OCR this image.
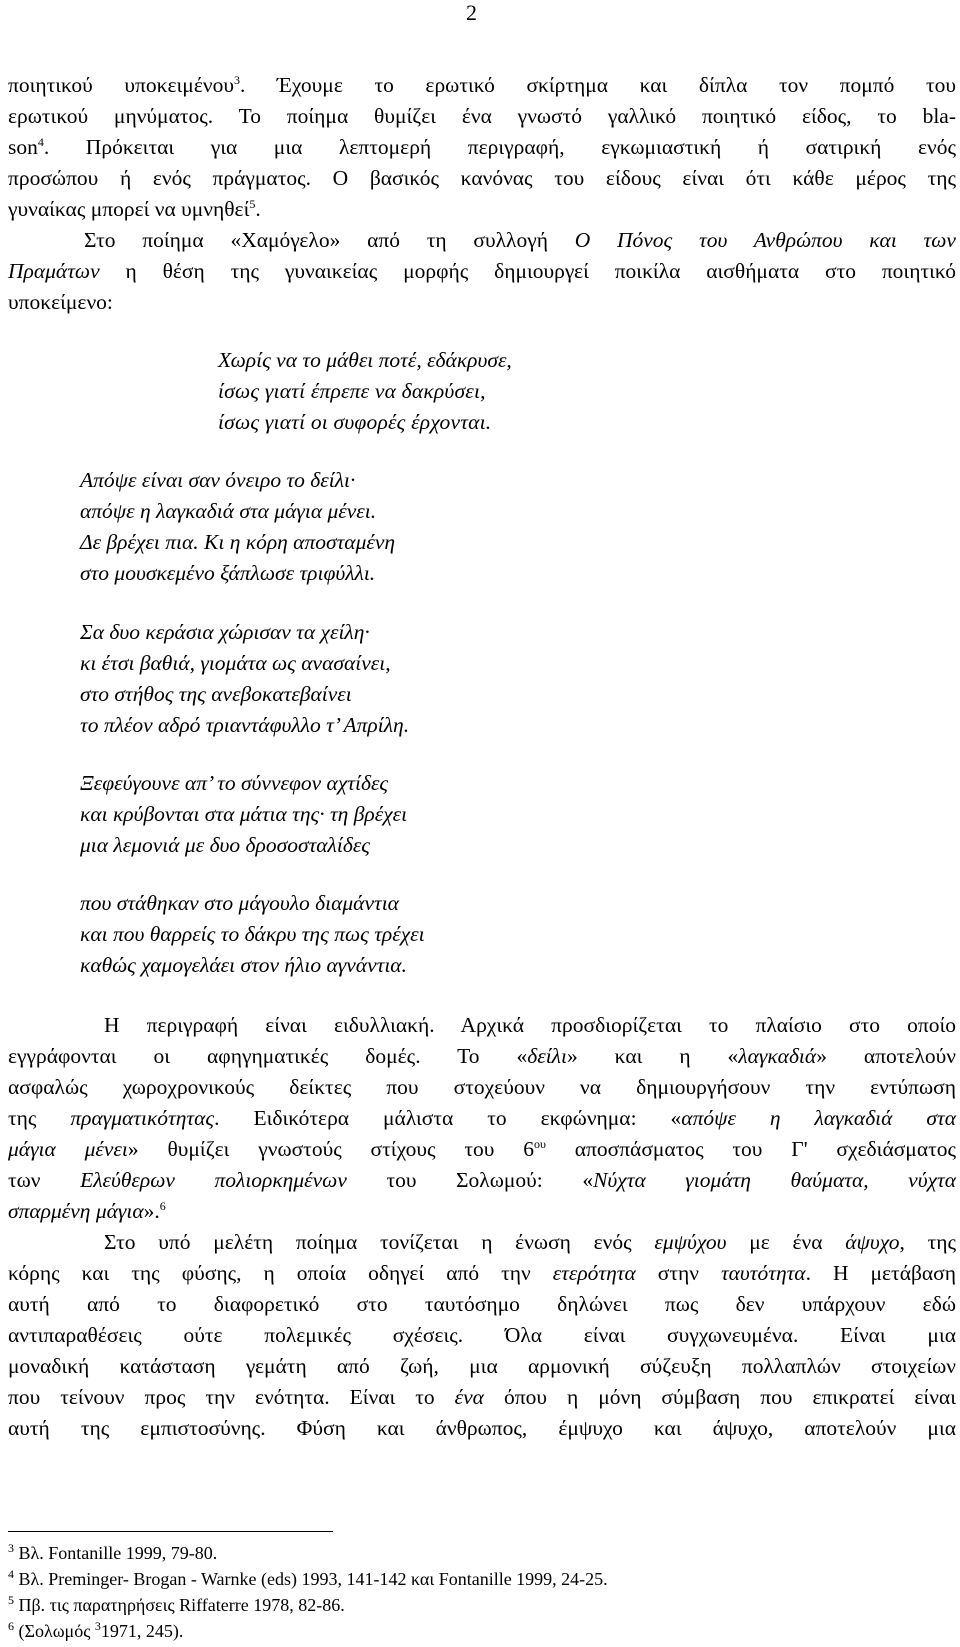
2

ποιητικού υποκειμένου$^3$. Έχουμε το ερωτικό σκίρτημα και δίπλα τον πομπό του

ερωτικού μηνύματος. Το ποίημα θυμίζει ένα γνωστό γαλλικό ποιητικό είδος, το bla-

son$^4$. Πρόκειται για μια λεπτομερή περιγραφή, εγκωμιαστική ή σατιρική ενός

προσώπου ή ενός πράγματος. Ο βασικός κανόνας του είδους είναι ότι κάθε μέρος της

γυναίκας μπορεί να υμνηθεί$^5$.

Στο ποίημα «Χαμόγελο» από τη συλλογή Ο Πόνος του Ανθρώπου και των

Πραμάτων η θέση της γυναικείας μορφής δημιουργεί ποικίλα αισθήματα στο ποιητικό

υποκείμενο:

Χωρίς να το μάθει ποτέ, εδάκρυσε,
ίσως γιατί έπρεπε να δακρύσει,
ίσως γιατί οι συφορές έρχονται.
Απόψε είναι σαν όνειρο το δείλι·
απόψε η λαγκαδιά στα μάγια μένει.
Δε βρέχει πια. Κι η κόρη αποσταμένη
στο μουσκεμένο ξάπλωσε τριφύλλι.
Σα δυο κεράσια χώρισαν τα χείλη·
κι έτσι βαθιά, γιομάτα ως ανασαίνει,
στο στήθος της ανεβοκατεβαίνει
το πλέον αδρό τριαντάφυλλο τ’ Απρίλη.
Ξεφεύγουνε απ’ το σύννεφον αχτίδες
και κρύβονται στα μάτια της· τη βρέχει
μια λεμονιά με δυο δροσοσταλίδες
που στάθηκαν στο μάγουλο διαμάντια
και που θαρρείς το δάκρυ της πως τρέχει
καθώς χαμογελάει στον ήλιο αγνάντια.

Η περιγραφή είναι ειδυλλιακή. Αρχικά προσδιορίζεται το πλαίσιο στο οποίο

εγγράφονται οι αφηγηματικές δομές. Το «δείλι» και η «λαγκαδιά» αποτελούν

ασφαλώς χωροχρονικούς δείκτες που στοχεύουν να δημιουργήσουν την εντύπωση

της πραγματικότητας. Ειδικότερα μάλιστα το εκφώνημα: «απόψε η λαγκαδιά στα

μάγια μένει» θυμίζει γνωστούς στίχους του $6^{o\upsilon}$ αποσπάσματος του Γ' σχεδιάσματος

των Ελεύθερων πολιορκημένων του Σολωμού: «Νύχτα γιομάτη θαύματα, νύχτα

σπαρμένη μάγια».$^6$

Στο υπό μελέτη ποίημα τονίζεται η ένωση ενός εμψύχου με ένα άψυχο, της

κόρης και της φύσης, η οποία οδηγεί από την ετερότητα στην ταυτότητα. Η μετάβαση

αυτή από το διαφορετικό στο ταυτόσημο δηλώνει πως δεν υπάρχουν εδώ

αντιπαραθέσεις ούτε πολεμικές σχέσεις. Όλα είναι συγχωνευμένα. Είναι μια

μοναδική κατάσταση γεμάτη από ζωή, μια αρμονική σύζευξη πολλαπλών στοιχείων

που τείνουν προς την ενότητα. Είναι το ένα όπου η μόνη σύμβαση που επικρατεί είναι

αυτή της εμπιστοσύνης. Φύση και άνθρωπος, έμψυχο και άψυχο, αποτελούν μια

$^3$ Βλ. Fontanille 1999, 79-80.
$^4$ Βλ. Preminger- Brogan - Warnke (eds) 1993, 141-142 και Fontanille 1999, 24-25.
$^5$ Πβ. τις παρατηρήσεις Riffaterre 1978, 82-86.
$^6$ (Σολωμός $^3$1971, 245).
